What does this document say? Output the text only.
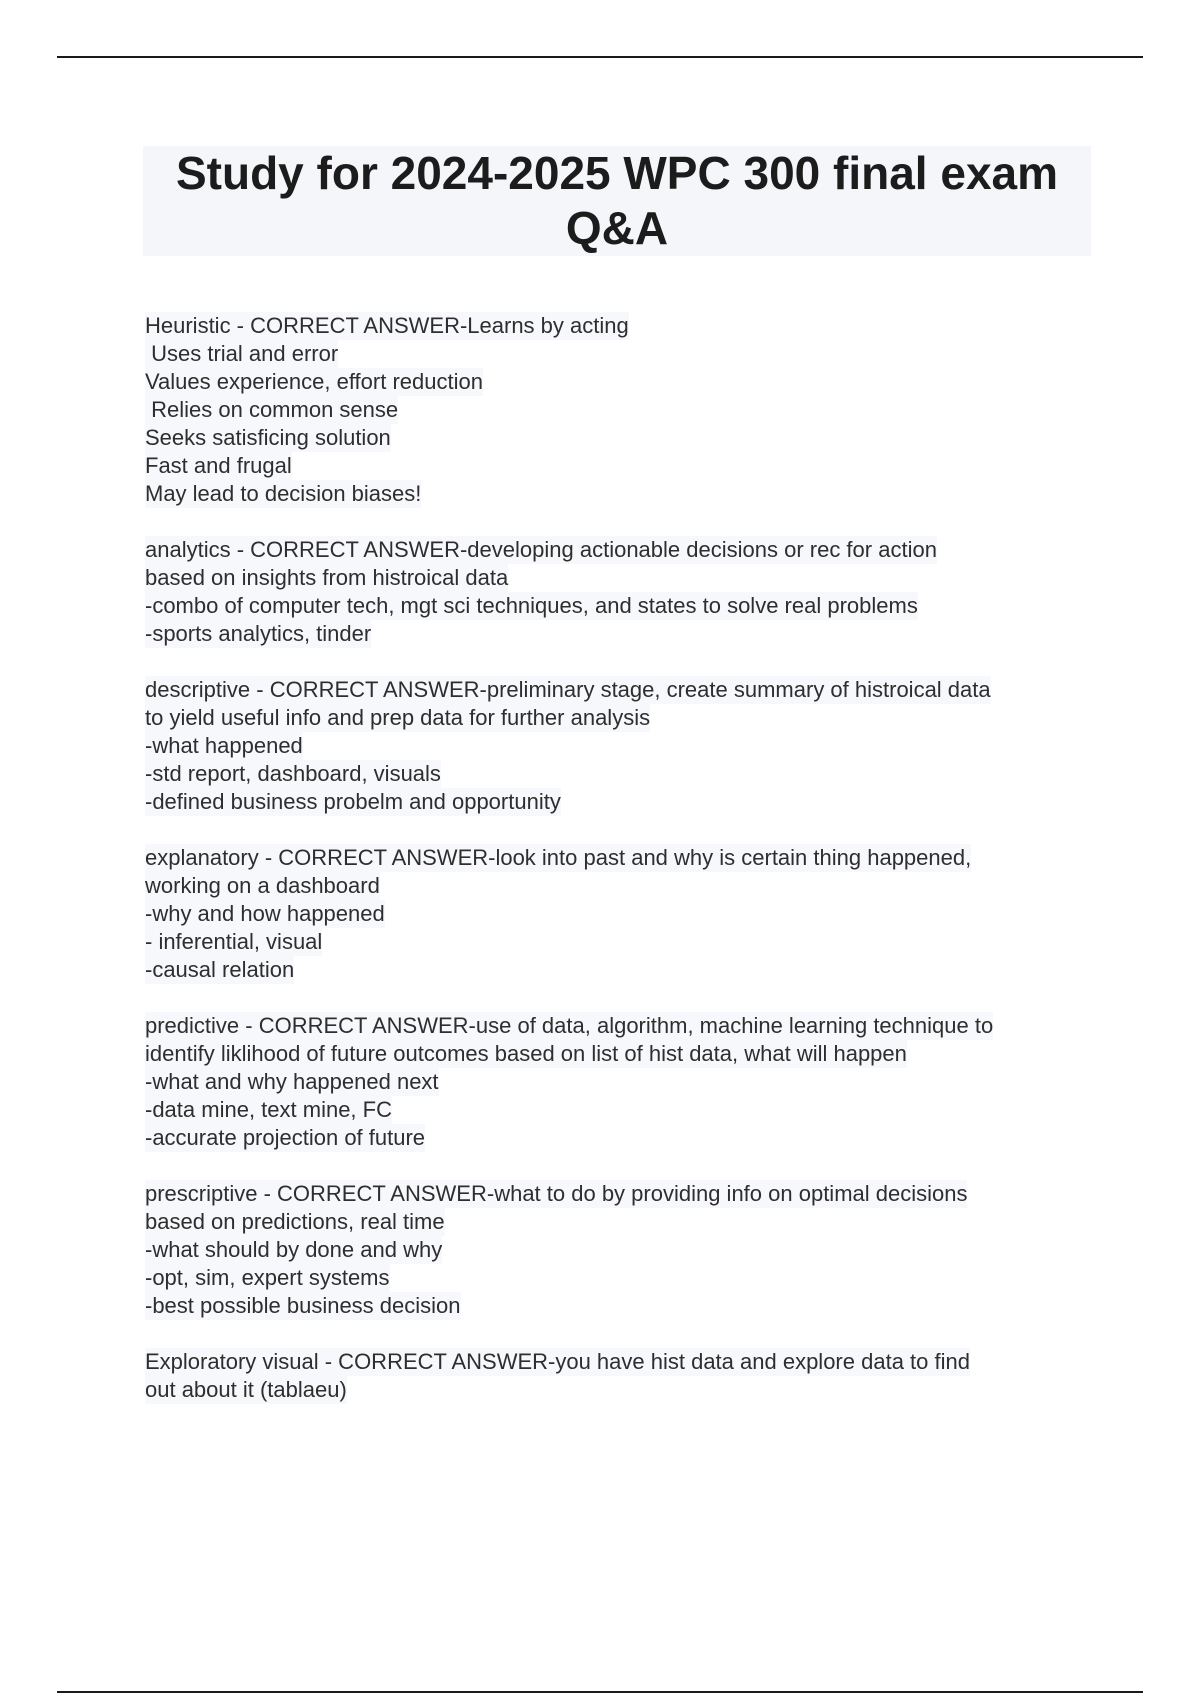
Study for 2024-2025 WPC 300 final exam
Q&A
Heuristic - CORRECT ANSWER-Learns by acting
Uses trial and error
Values experience, effort reduction
Relies on common sense
Seeks satisficing solution
Fast and frugal
May lead to decision biases!
analytics - CORRECT ANSWER-developing actionable decisions or rec for action
based on insights from histroical data
-combo of computer tech, mgt sci techniques, and states to solve real problems
-sports analytics, tinder
descriptive - CORRECT ANSWER-preliminary stage, create summary of histroical data
to yield useful info and prep data for further analysis
-what happened
-std report, dashboard, visuals
-defined business probelm and opportunity
explanatory - CORRECT ANSWER-look into past and why is certain thing happened,
working on a dashboard
-why and how happened
- inferential, visual
-causal relation
predictive - CORRECT ANSWER-use of data, algorithm, machine learning technique to
identify liklihood of future outcomes based on list of hist data, what will happen
-what and why happened next
-data mine, text mine, FC
-accurate projection of future
prescriptive - CORRECT ANSWER-what to do by providing info on optimal decisions
based on predictions, real time
-what should by done and why
-opt, sim, expert systems
-best possible business decision
Exploratory visual - CORRECT ANSWER-you have hist data and explore data to find
out about it (tablaeu)
